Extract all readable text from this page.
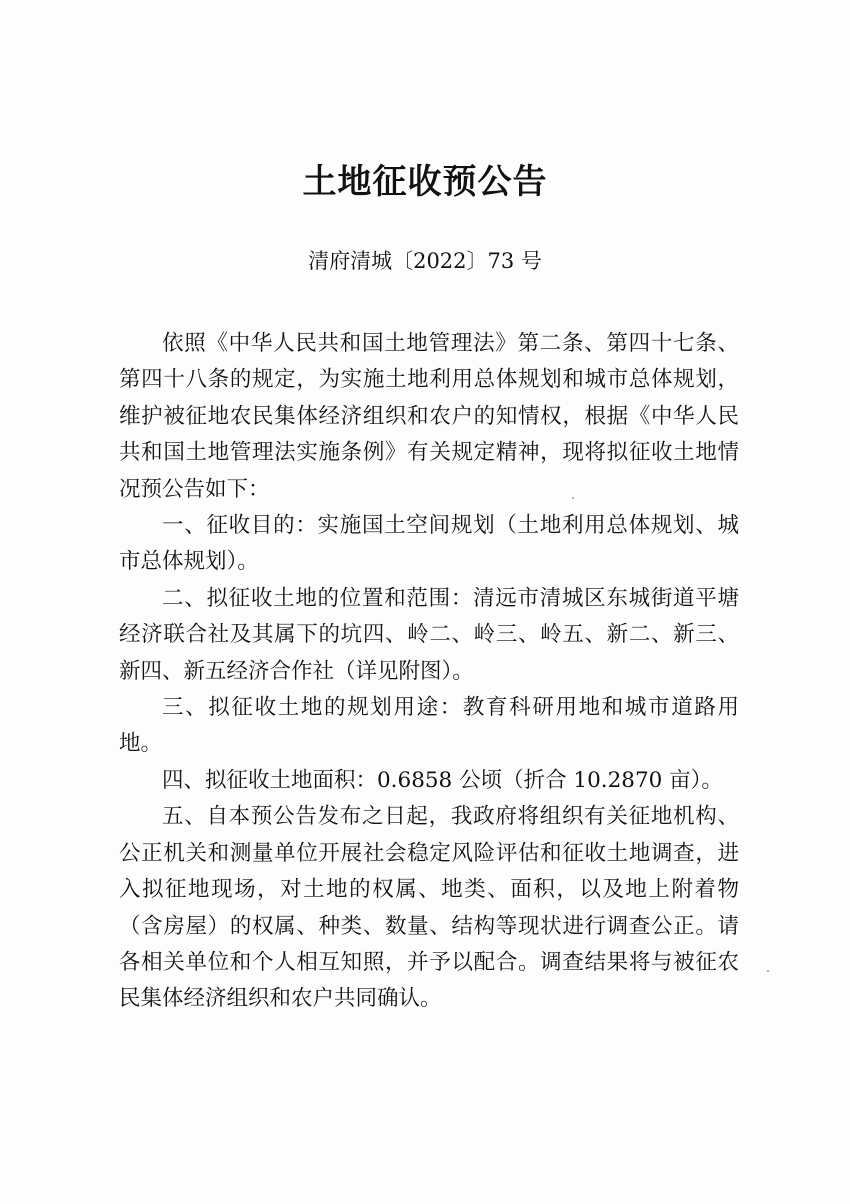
土地征收预公告
清府清城〔2022〕73 号

依照《中华人民共和国土地管理法》第二条、第四十七条、第四十八条的规定，为实施土地利用总体规划和城市总体规划，维护被征地农民集体经济组织和农户的知情权，根据《中华人民共和国土地管理法实施条例》有关规定精神，现将拟征收土地情况预公告如下：

一、征收目的：实施国土空间规划（土地利用总体规划、城市总体规划）。

二、拟征收土地的位置和范围：清远市清城区东城街道平塘经济联合社及其属下的坑四、岭二、岭三、岭五、新二、新三、新四、新五经济合作社（详见附图）。

三、拟征收土地的规划用途：教育科研用地和城市道路用地。

四、拟征收土地面积：0.6858 公顷（折合 10.2870 亩）。

五、自本预公告发布之日起，我政府将组织有关征地机构、公正机关和测量单位开展社会稳定风险评估和征收土地调查，进入拟征地现场，对土地的权属、地类、面积，以及地上附着物（含房屋）的权属、种类、数量、结构等现状进行调查公正。请各相关单位和个人相互知照，并予以配合。调查结果将与被征农民集体经济组织和农户共同确认。
